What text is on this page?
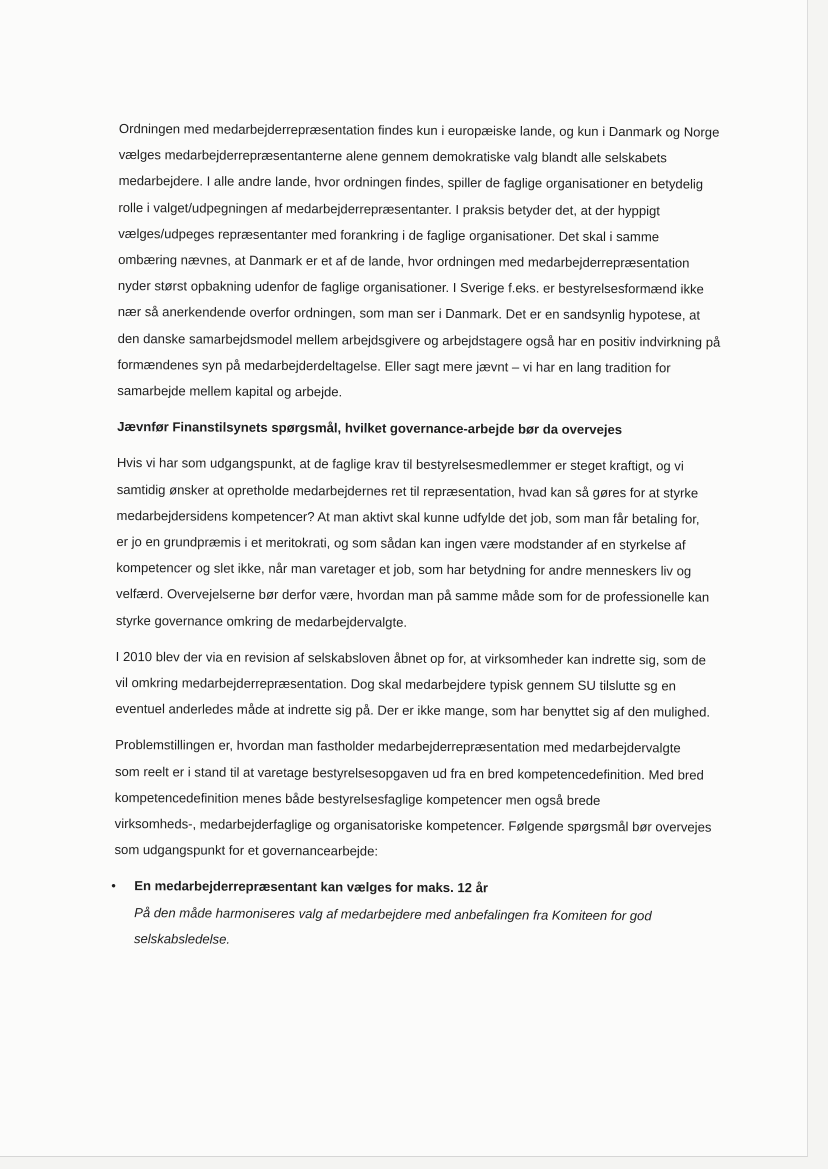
Ordningen med medarbejderrepræsentation findes kun i europæiske lande, og kun i Danmark og Norge
vælges medarbejderrepræsentanterne alene gennem demokratiske valg blandt alle selskabets
medarbejdere. I alle andre lande, hvor ordningen findes, spiller de faglige organisationer en betydelig
rolle i valget/udpegningen af medarbejderrepræsentanter. I praksis betyder det, at der hyppigt
vælges/udpeges repræsentanter med forankring i de faglige organisationer. Det skal i samme
ombæring nævnes, at Danmark er et af de lande, hvor ordningen med medarbejderrepræsentation
nyder størst opbakning udenfor de faglige organisationer. I Sverige f.eks. er bestyrelsesformænd ikke
nær så anerkendende overfor ordningen, som man ser i Danmark. Det er en sandsynlig hypotese, at
den danske samarbejdsmodel mellem arbejdsgivere og arbejdstagere også har en positiv indvirkning på
formændenes syn på medarbejderdeltagelse. Eller sagt mere jævnt – vi har en lang tradition for
samarbejde mellem kapital og arbejde.
Jævnfør Finanstilsynets spørgsmål, hvilket governance-arbejde bør da overvejes
Hvis vi har som udgangspunkt, at de faglige krav til bestyrelsesmedlemmer er steget kraftigt, og vi
samtidig ønsker at opretholde medarbejdernes ret til repræsentation, hvad kan så gøres for at styrke
medarbejdersidens kompetencer? At man aktivt skal kunne udfylde det job, som man får betaling for,
er jo en grundpræmis i et meritokrati, og som sådan kan ingen være modstander af en styrkelse af
kompetencer og slet ikke, når man varetager et job, som har betydning for andre menneskers liv og
velfærd. Overvejelserne bør derfor være, hvordan man på samme måde som for de professionelle kan
styrke governance omkring de medarbejdervalgte.
I 2010 blev der via en revision af selskabsloven åbnet op for, at virksomheder kan indrette sig, som de
vil omkring medarbejderrepræsentation. Dog skal medarbejdere typisk gennem SU tilslutte sg en
eventuel anderledes måde at indrette sig på. Der er ikke mange, som har benyttet sig af den mulighed.
Problemstillingen er, hvordan man fastholder medarbejderrepræsentation med medarbejdervalgte
som reelt er i stand til at varetage bestyrelsesopgaven ud fra en bred kompetencedefinition. Med bred
kompetencedefinition menes både bestyrelsesfaglige kompetencer men også brede
virksomheds-, medarbejderfaglige og organisatoriske kompetencer. Følgende spørgsmål bør overvejes
som udgangspunkt for et governancearbejde:
• En medarbejderrepræsentant kan vælges for maks. 12 år
På den måde harmoniseres valg af medarbejdere med anbefalingen fra Komiteen for god
selskabsledelse.
